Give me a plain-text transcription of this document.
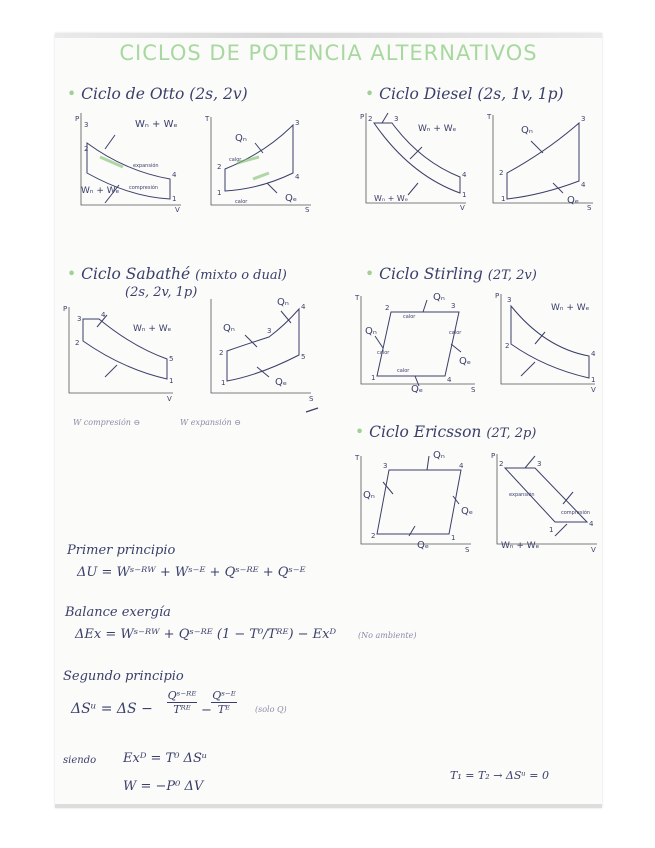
CICLOS DE POTENCIA ALTERNATIVOS
• Ciclo de Otto (2s, 2v)
P
V
3
2
4
1
Wₙ + Wₑ
Wₙ + Wₑ
expansión
compresión
T
S
1
2
3
4
Qₙ
Qₑ
calor
calor
• Ciclo Diesel (2s, 1v, 1p)
P
V
2	3
4
1
Wₙ + Wₑ
Wₙ + Wₑ
T
S
1
2
3
4
Qₙ
Qₑ
• Ciclo Sabathé (mixto o dual)
(2s, 2v, 1p)
P
V
2
3	4
5
1
Wₙ + Wₑ
S
1
2
3
4
5
Qₙ
Qₙ
Qₑ
W compresión ⊖	W expansión ⊖
• Ciclo Stirling (2T, 2v)
T
S
1
2	3
4
Qₙ
Qₙ
Qₑ
Qₑ
calor
calor
calor
calor
P
V
2
3
4
1
Wₙ + Wₑ
• Ciclo Ericsson (2T, 2p)
T
S
2
3	4
1
Qₙ
Qₙ
Qₑ
Qₑ
P
V
2	3
4
1
Wₙ + Wₑ
expansión
compresión
Primer principio
ΔU = Wˢ⁻ᴿᵂ + Wˢ⁻ᴱ + Qˢ⁻ᴿᴱ + Qˢ⁻ᴱ
Balance exergía
ΔEx = Wˢ⁻ᴿᵂ + Qˢ⁻ᴿᴱ (1 − T⁰/Tᴿᴱ) − Exᴰ	(No ambiente)
Segundo principio
ΔSᵘ = ΔS −
Qˢ⁻ᴿᴱ
Tᴿᴱ − $\frac{\text{Qˢ⁻ᴱ}}{\text{Tᴱ}}$ (solo Q)
siendo Exᴰ = T⁰ ΔSᵘ
W = −P⁰ ΔV
T₁ = T₂ → ΔSᵘ = 0
